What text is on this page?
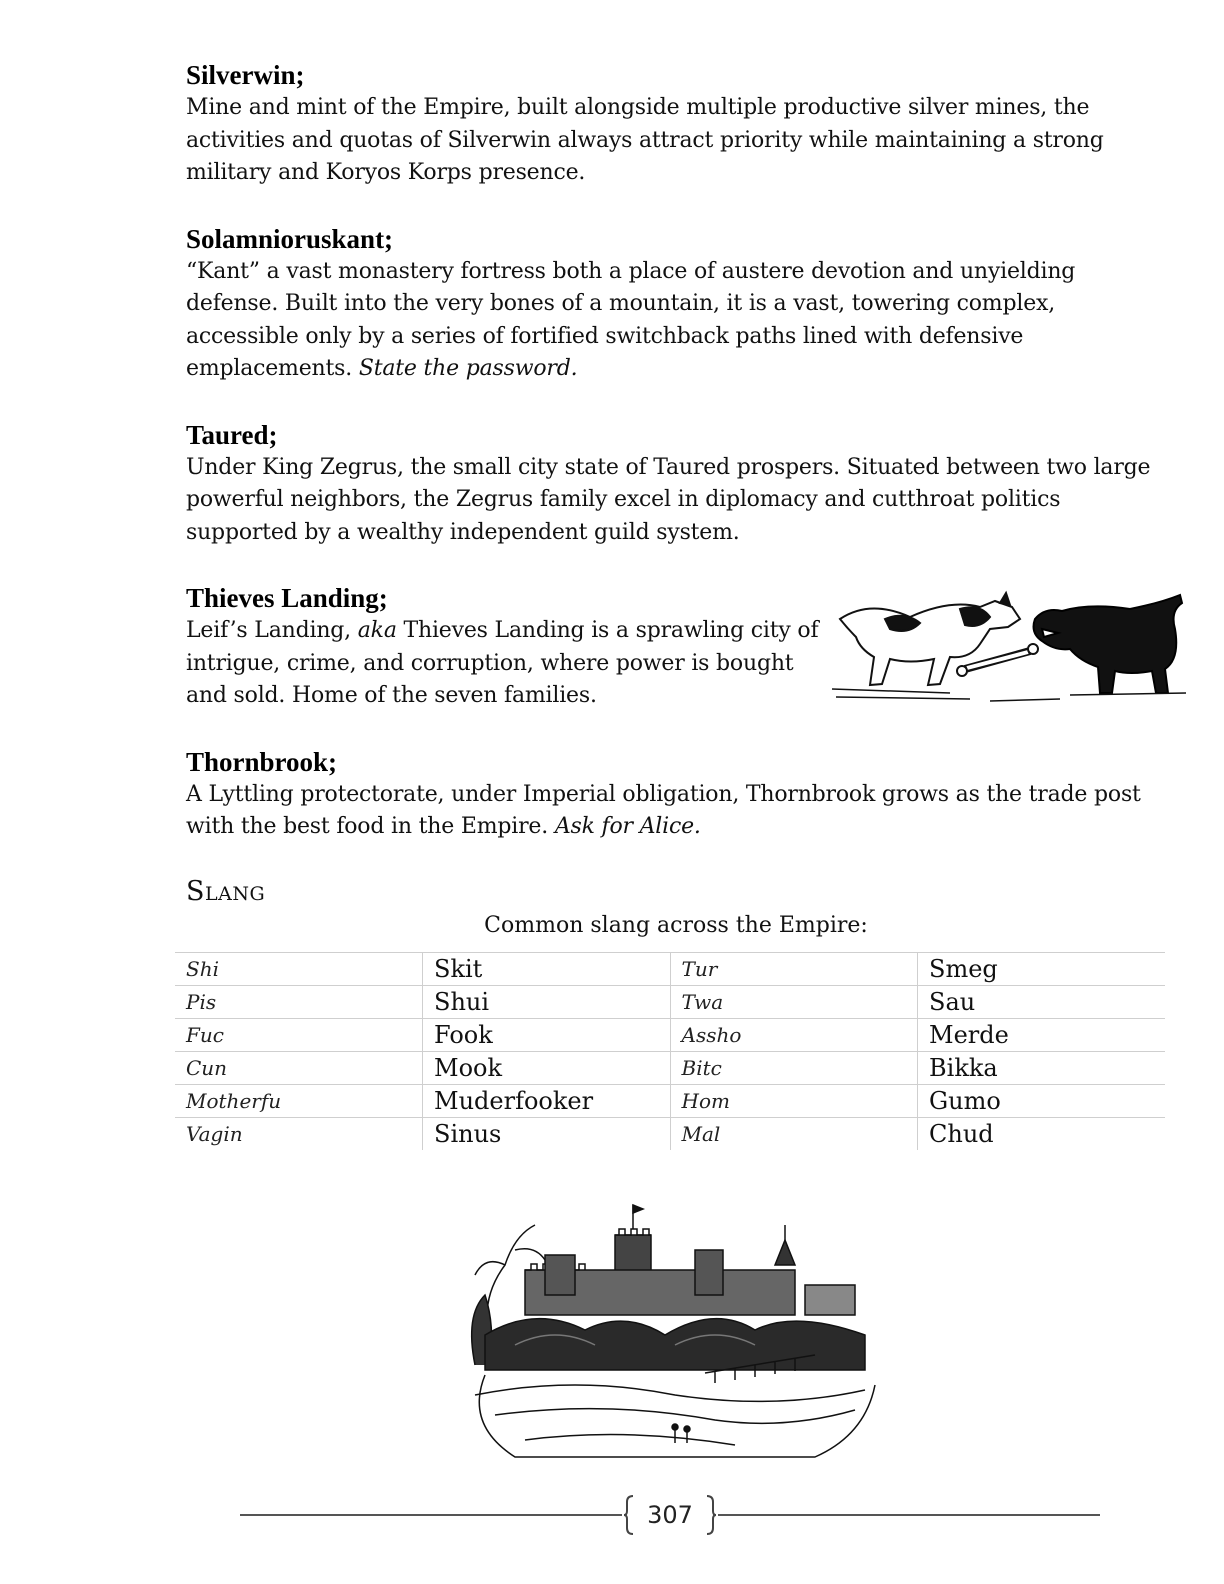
Silverwin;

Mine and mint of the Empire, built alongside multiple productive silver mines, the activities and quotas of Silverwin always attract priority while maintaining a strong military and Koryos Korps presence.

Solamnioruskant;

“Kant” a vast monastery fortress both a place of austere devotion and unyielding defense. Built into the very bones of a mountain, it is a vast, towering complex, accessible only by a series of fortified switchback paths lined with defensive emplacements. State the password.

Taured;

Under King Zegrus, the small city state of Taured prospers. Situated between two large powerful neighbors, the Zegrus family excel in diplomacy and cutthroat politics supported by a wealthy independent guild system.

Thieves Landing;

Leif’s Landing, aka Thieves Landing is a sprawling city of intrigue, crime, and corruption, where power is bought and sold. Home of the seven families.

Thornbrook;

A Lyttling protectorate, under Imperial obligation, Thornbrook grows as the trade post with the best food in the Empire. Ask for Alice.

Slang
Common slang across the Empire:
Shi	Skit	Tur	Smeg
Pis	Shui	Twa	Sau
Fuc	Fook	Assho	Merde
Cun	Mook	Bitc	Bikka
Motherfu	Muderfooker	Hom	Gumo
Vagin	Sinus	Mal	Chud
307
